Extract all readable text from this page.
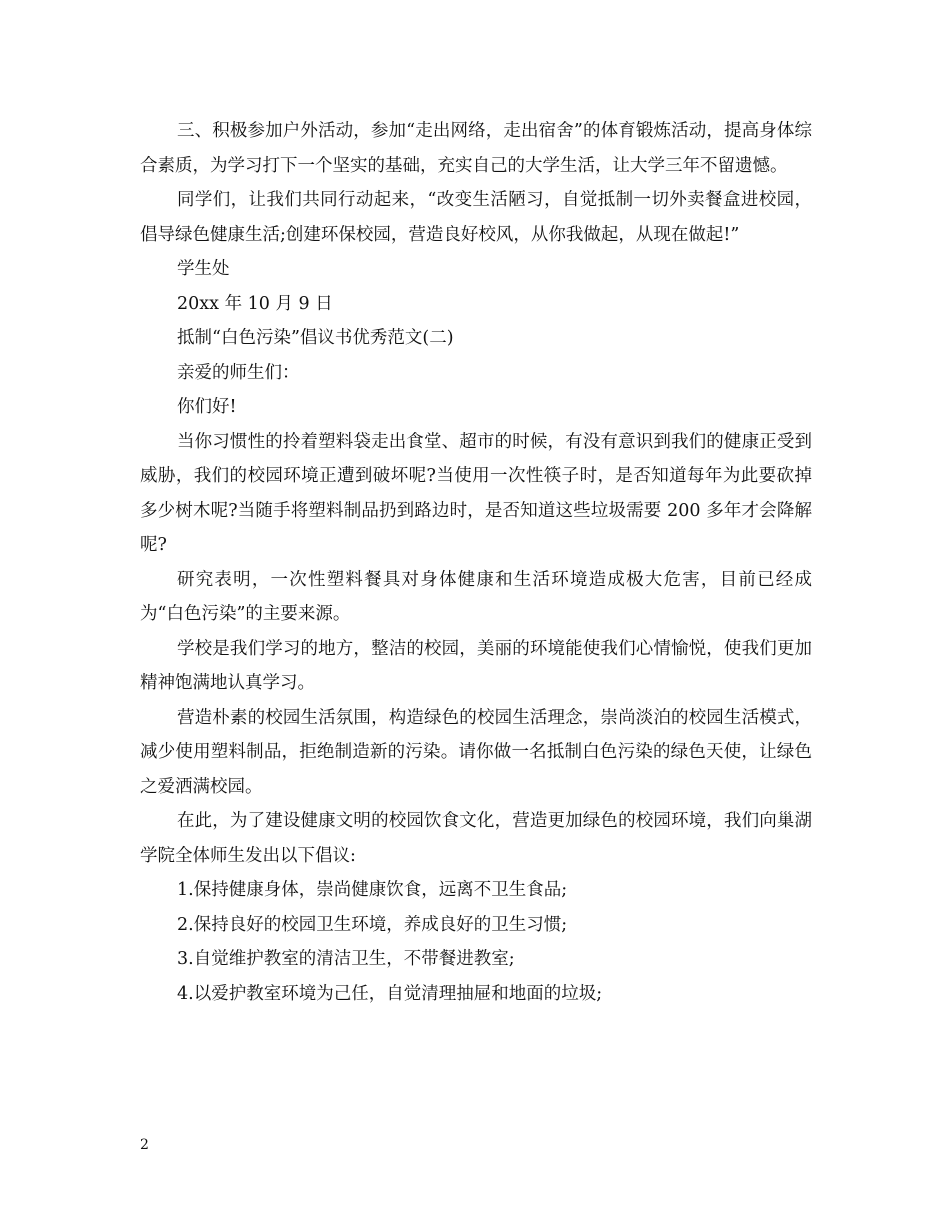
三、积极参加户外活动，参加“走出网络，走出宿舍”的体育锻炼活动，提高身体综合素质，为学习打下一个坚实的基础，充实自己的大学生活，让大学三年不留遗憾。

同学们，让我们共同行动起来，“改变生活陋习，自觉抵制一切外卖餐盒进校园，倡导绿色健康生活;创建环保校园，营造良好校风，从你我做起，从现在做起!”

学生处

20xx 年 10 月 9 日

抵制“白色污染”倡议书优秀范文(二)

亲爱的师生们：

你们好!

当你习惯性的拎着塑料袋走出食堂、超市的时候，有没有意识到我们的健康正受到威胁，我们的校园环境正遭到破坏呢?当使用一次性筷子时，是否知道每年为此要砍掉多少树木呢?当随手将塑料制品扔到路边时，是否知道这些垃圾需要 200 多年才会降解呢?

研究表明，一次性塑料餐具对身体健康和生活环境造成极大危害，目前已经成为“白色污染”的主要来源。

学校是我们学习的地方，整洁的校园，美丽的环境能使我们心情愉悦，使我们更加精神饱满地认真学习。

营造朴素的校园生活氛围，构造绿色的校园生活理念，崇尚淡泊的校园生活模式，减少使用塑料制品，拒绝制造新的污染。请你做一名抵制白色污染的绿色天使，让绿色之爱洒满校园。

在此，为了建设健康文明的校园饮食文化，营造更加绿色的校园环境，我们向巢湖学院全体师生发出以下倡议:

1.保持健康身体，崇尚健康饮食，远离不卫生食品;

2.保持良好的校园卫生环境，养成良好的卫生习惯;

3.自觉维护教室的清洁卫生，不带餐进教室;

4.以爱护教室环境为己任，自觉清理抽屉和地面的垃圾;

2
